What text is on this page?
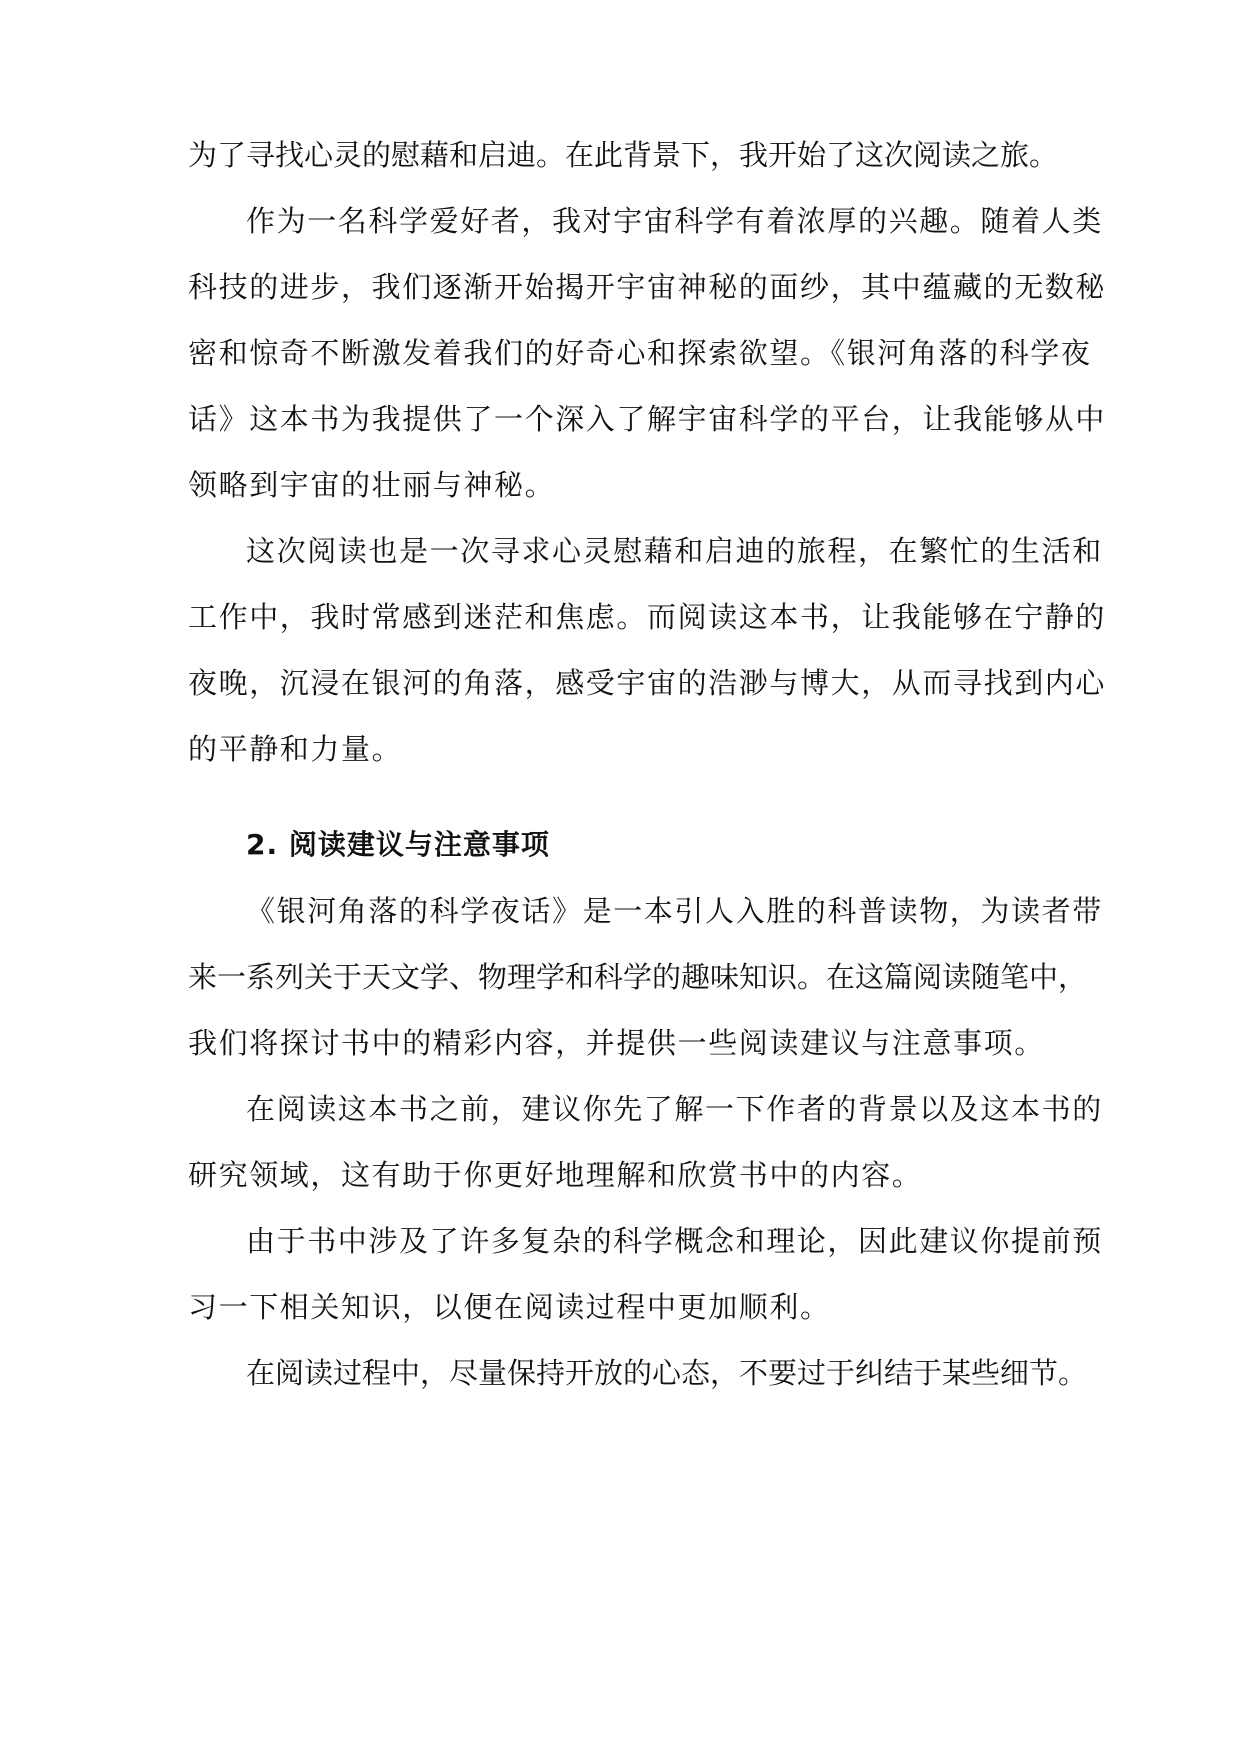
为了寻找心灵的慰藉和启迪。在此背景下，我开始了这次阅读之旅。
作为一名科学爱好者，我对宇宙科学有着浓厚的兴趣。随着人类
科技的进步，我们逐渐开始揭开宇宙神秘的面纱，其中蕴藏的无数秘
密和惊奇不断激发着我们的好奇心和探索欲望。《银河角落的科学夜
话》这本书为我提供了一个深入了解宇宙科学的平台，让我能够从中
领略到宇宙的壮丽与神秘。
这次阅读也是一次寻求心灵慰藉和启迪的旅程，在繁忙的生活和
工作中，我时常感到迷茫和焦虑。而阅读这本书，让我能够在宁静的
夜晚，沉浸在银河的角落，感受宇宙的浩渺与博大，从而寻找到内心
的平静和力量。
2. 阅读建议与注意事项
《银河角落的科学夜话》是一本引人入胜的科普读物，为读者带
来一系列关于天文学、物理学和科学的趣味知识。在这篇阅读随笔中，
我们将探讨书中的精彩内容，并提供一些阅读建议与注意事项。
在阅读这本书之前，建议你先了解一下作者的背景以及这本书的
研究领域，这有助于你更好地理解和欣赏书中的内容。
由于书中涉及了许多复杂的科学概念和理论，因此建议你提前预
习一下相关知识，以便在阅读过程中更加顺利。
在阅读过程中，尽量保持开放的心态，不要过于纠结于某些细节。
